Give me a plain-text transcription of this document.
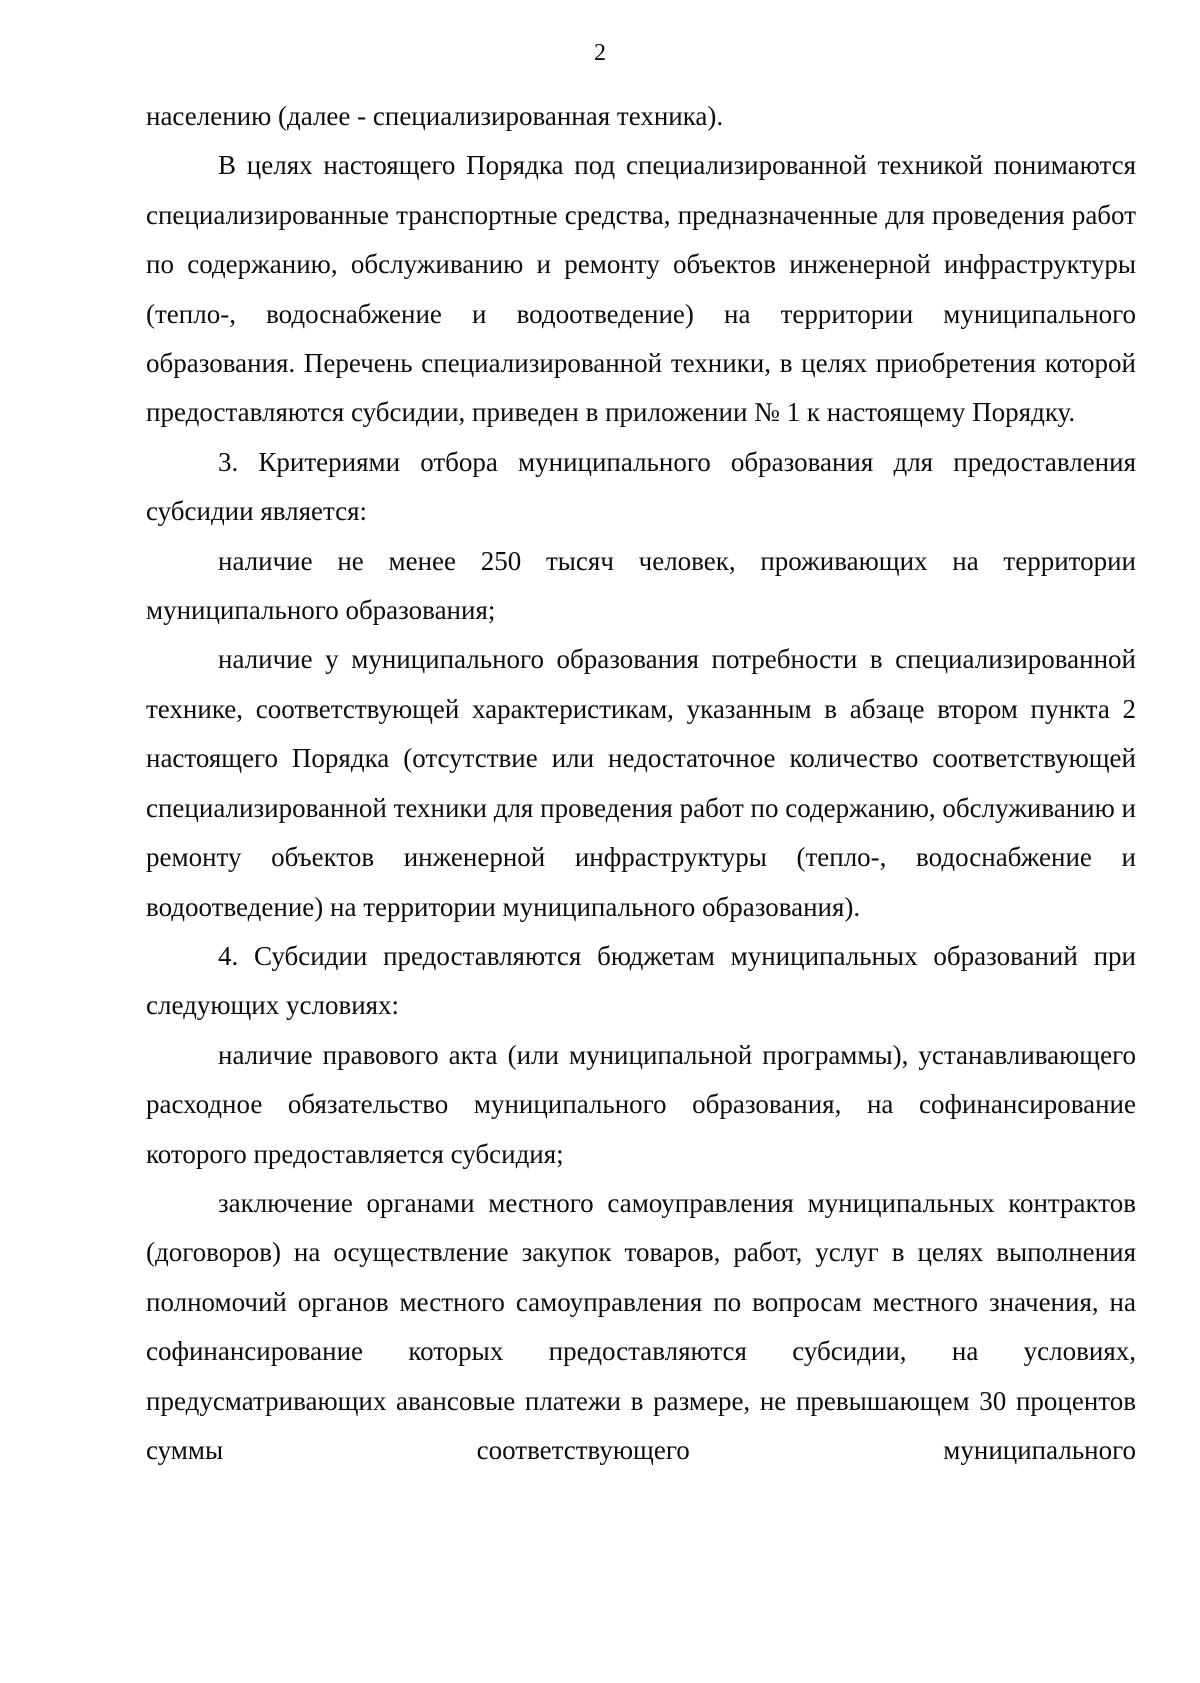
2

населению (далее - специализированная техника).

В целях настоящего Порядка под специализированной техникой понимаются специализированные транспортные средства, предназначенные для проведения работ по содержанию, обслуживанию и ремонту объектов инженерной инфраструктуры (тепло-, водоснабжение и водоотведение) на территории муниципального образования. Перечень специализированной техники, в целях приобретения которой предоставляются субсидии, приведен в приложении № 1 к настоящему Порядку.

3. Критериями отбора муниципального образования для предоставления субсидии является:

наличие не менее 250 тысяч человек, проживающих на территории муниципального образования;

наличие у муниципального образования потребности в специализированной технике, соответствующей характеристикам, указанным в абзаце втором пункта 2 настоящего Порядка (отсутствие или недостаточное количество соответствующей специализированной техники для проведения работ по содержанию, обслуживанию и ремонту объектов инженерной инфраструктуры (тепло-, водоснабжение и водоотведение) на территории муниципального образования).

4. Субсидии предоставляются бюджетам муниципальных образований при следующих условиях:

наличие правового акта (или муниципальной программы), устанавливающего расходное обязательство муниципального образования, на софинансирование которого предоставляется субсидия;

заключение органами местного самоуправления муниципальных контрактов (договоров) на осуществление закупок товаров, работ, услуг в целях выполнения полномочий органов местного самоуправления по вопросам местного значения, на софинансирование которых предоставляются субсидии, на условиях, предусматривающих авансовые платежи в размере, не превышающем 30 процентов суммы соответствующего муниципального
